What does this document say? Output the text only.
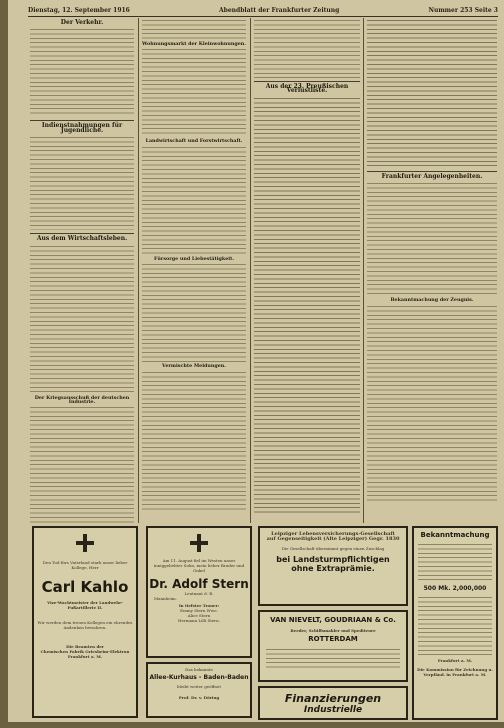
Dienstag, 12. September 1916	Abendblatt der Frankfurter Zeitung	Nummer 253 Seite 3
Der Verkehr.
Indienstnahmungen für Jugendliche.
Aus dem Wirtschaftsleben.
Der Kriegsausschuß der deutschen Industrie.
Wohnungsmarkt der Kleinwohnungen.
Landwirtschaft und Forstwirtschaft.
Fürsorge und Liebestätigkeit.
Vermischte Meldungen.
Aus der 23. Preußischen Verlustliste.
Frankfurter Angelegenheiten.
Bekanntmachung der Zeugnis.
Den Tod fürs Vaterland starb unser lieber Kollege, Herr
Carl Kahlo
Vize-Wachtmeister der Landwehr-Fußartillerie II.
Wir werden dem treuen Kollegen ein ehrendes Andenken bewahren.
Die Beamten der
Chemischen Fabrik Griesheim-Elektron
Frankfurt a. M.
Am 11. August fiel im Westen unser inniggeliebter Sohn, mein lieber Bruder und Onkel
Dr. Adolf Stern
Leutnant d. R.
Mannheim.
In tiefster Trauer:
Emmy Stern Wwe.
Alice Stern
Hermann Lilli Stern.
Das bekannte
Allee-Kurhaus - Baden-Baden
bleibt weiter geöffnet
Prof. Dr. v. Döring
Leipziger Lebensversicherungs-Gesellschaft
auf Gegenseitigkeit (Alte Leipziger) Gegr. 1830
Die Gesellschaft übernimmt gegen einen Zuschlag
bei Landsturmpflichtigen
ohne Extraprämie.
VAN NIEVELT, GOUDRIAAN & Co.
Reeder, Schiffsmakler und Spediteure
ROTTERDAM
Finanzierungen
Industrielle
Bekanntmachung
500 Mk. 2,000,000
Frankfurt a. M.
Die Kommission für Zeichnung u. Verpfänd. in Frankfurt a. M.
